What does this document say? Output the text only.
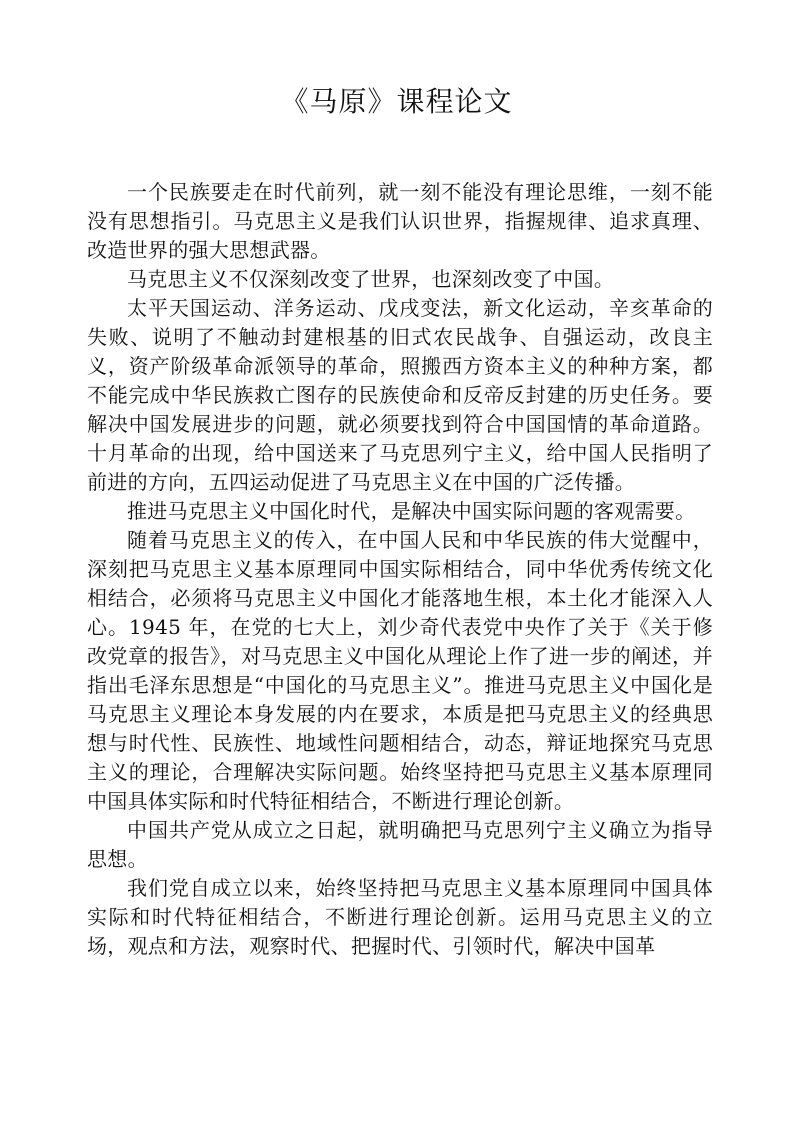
《马原》课程论文

一个民族要走在时代前列，就一刻不能没有理论思维，一刻不能没有思想指引。马克思主义是我们认识世界，指握规律、追求真理、改造世界的强大思想武器。

马克思主义不仅深刻改变了世界，也深刻改变了中国。

太平天国运动、洋务运动、戊戌变法，新文化运动，辛亥革命的失败、说明了不触动封建根基的旧式农民战争、自强运动，改良主义，资产阶级革命派领导的革命，照搬西方资本主义的种种方案，都不能完成中华民族救亡图存的民族使命和反帝反封建的历史任务。要解决中国发展进步的问题，就必须要找到符合中国国情的革命道路。十月革命的出现，给中国送来了马克思列宁主义，给中国人民指明了前进的方向，五四运动促进了马克思主义在中国的广泛传播。

推进马克思主义中国化时代，是解决中国实际问题的客观需要。

随着马克思主义的传入，在中国人民和中华民族的伟大觉醒中，深刻把马克思主义基本原理同中国实际相结合，同中华优秀传统文化相结合，必须将马克思主义中国化才能落地生根，本土化才能深入人心。1945 年，在党的七大上，刘少奇代表党中央作了关于《关于修改党章的报告》，对马克思主义中国化从理论上作了进一步的阐述，并指出毛泽东思想是“中国化的马克思主义”。推进马克思主义中国化是马克思主义理论本身发展的内在要求，本质是把马克思主义的经典思想与时代性、民族性、地域性问题相结合，动态，辩证地探究马克思主义的理论，合理解决实际问题。始终坚持把马克思主义基本原理同中国具体实际和时代特征相结合，不断进行理论创新。

中国共产党从成立之日起，就明确把马克思列宁主义确立为指导思想。

我们党自成立以来，始终坚持把马克思主义基本原理同中国具体实际和时代特征相结合，不断进行理论创新。运用马克思主义的立场，观点和方法，观察时代、把握时代、引领时代，解决中国革
